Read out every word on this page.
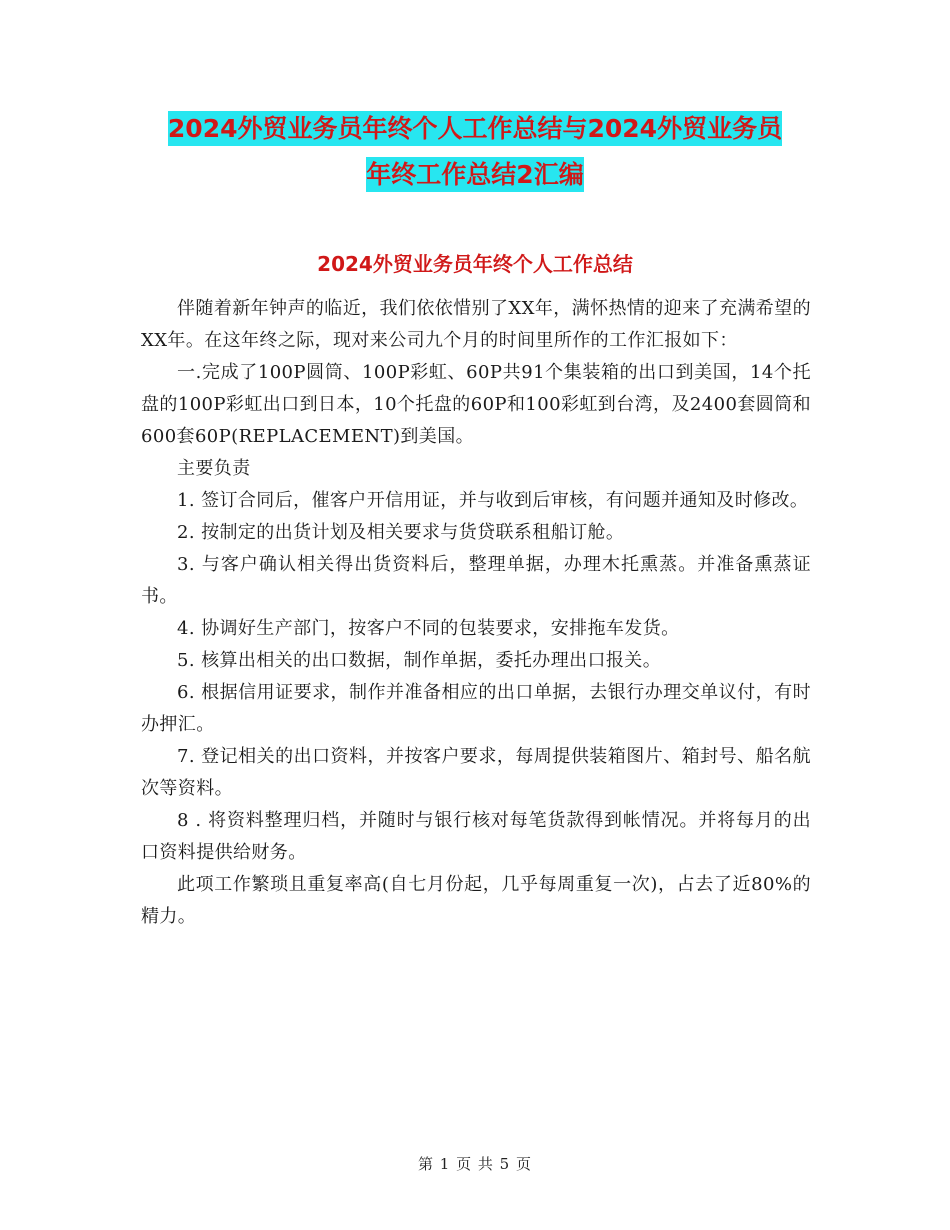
2024外贸业务员年终个人工作总结与2024外贸业务员
年终工作总结2汇编
2024外贸业务员年终个人工作总结

伴随着新年钟声的临近，我们依依惜别了XX年，满怀热情的迎来了充满希望的XX年。在这年终之际，现对来公司九个月的时间里所作的工作汇报如下：

一.完成了100P圆筒、100P彩虹、60P共91个集装箱的出口到美国，14个托盘的100P彩虹出口到日本，10个托盘的60P和100彩虹到台湾，及2400套圆筒和600套60P(REPLACEMENT)到美国。

主要负责

1. 签订合同后，催客户开信用证，并与收到后审核，有问题并通知及时修改。

2. 按制定的出货计划及相关要求与货贷联系租船订舱。

3. 与客户确认相关得出货资料后，整理单据，办理木托熏蒸。并准备熏蒸证书。

4. 协调好生产部门，按客户不同的包装要求，安排拖车发货。

5. 核算出相关的出口数据，制作单据，委托办理出口报关。

6. 根据信用证要求，制作并准备相应的出口单据，去银行办理交单议付，有时办押汇。

7. 登记相关的出口资料，并按客户要求，每周提供装箱图片、箱封号、船名航次等资料。

8 . 将资料整理归档，并随时与银行核对每笔货款得到帐情况。并将每月的出口资料提供给财务。

此项工作繁琐且重复率高(自七月份起，几乎每周重复一次)，占去了近80%的精力。

第 1 页 共 5 页
